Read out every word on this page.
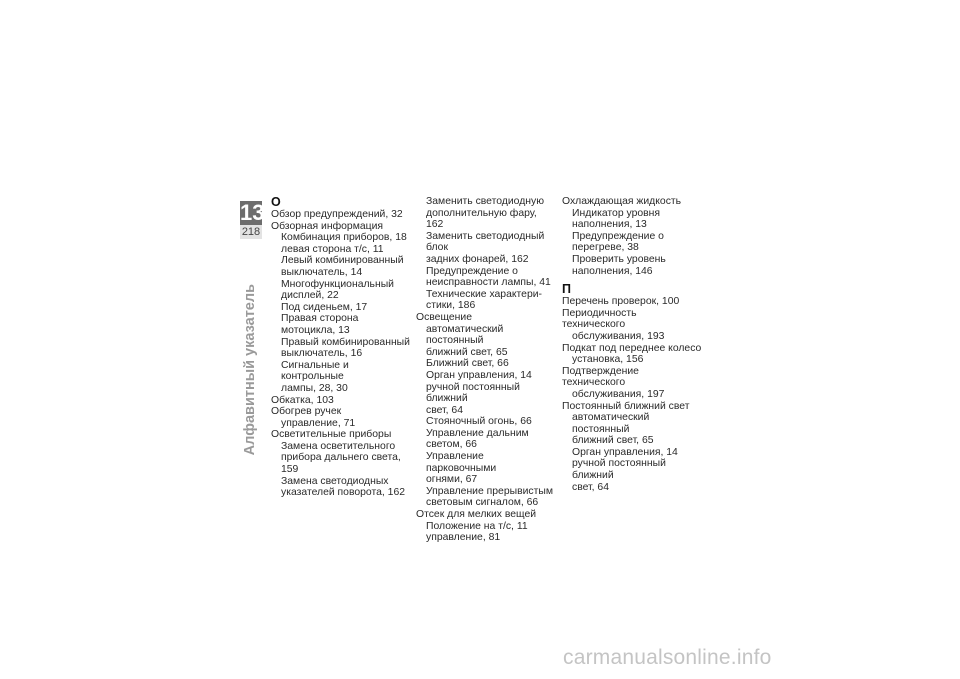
13
218
Алфавитный указатель
О
Обзор предупреждений, 32
Обзорная информация
Комбинация приборов, 18
левая сторона т/с, 11
Левый комбинированный
выключатель, 14
Многофункциональный
дисплей, 22
Под сиденьем, 17
Правая сторона
мотоцикла, 13
Правый комбинированный
выключатель, 16
Сигнальные и контрольные
лампы, 28, 30
Обкатка, 103
Обогрев ручек
управление, 71
Осветительные приборы
Замена осветительного
прибора дальнего света, 159
Замена светодиодных
указателей поворота, 162
Заменить светодиодную
дополнительную фару, 162
Заменить светодиодный блок
задних фонарей, 162
Предупреждение о
неисправности лампы, 41
Технические характери-
стики, 186
Освещение
автоматический постоянный
ближний свет, 65
Ближний свет, 66
Орган управления, 14
ручной постоянный ближний
свет, 64
Стояночный огонь, 66
Управление дальним
светом, 66
Управление парковочными
огнями, 67
Управление прерывистым
световым сигналом, 66
Отсек для мелких вещей
Положение на т/с, 11
управление, 81
Охлаждающая жидкость
Индикатор уровня
наполнения, 13
Предупреждение о
перегреве, 38
Проверить уровень
наполнения, 146
П
Перечень проверок, 100
Периодичность технического
обслуживания, 193
Подкат под переднее колесо
установка, 156
Подтверждение технического
обслуживания, 197
Постоянный ближний свет
автоматический постоянный
ближний свет, 65
Орган управления, 14
ручной постоянный ближний
свет, 64
carmanualsonline.info
